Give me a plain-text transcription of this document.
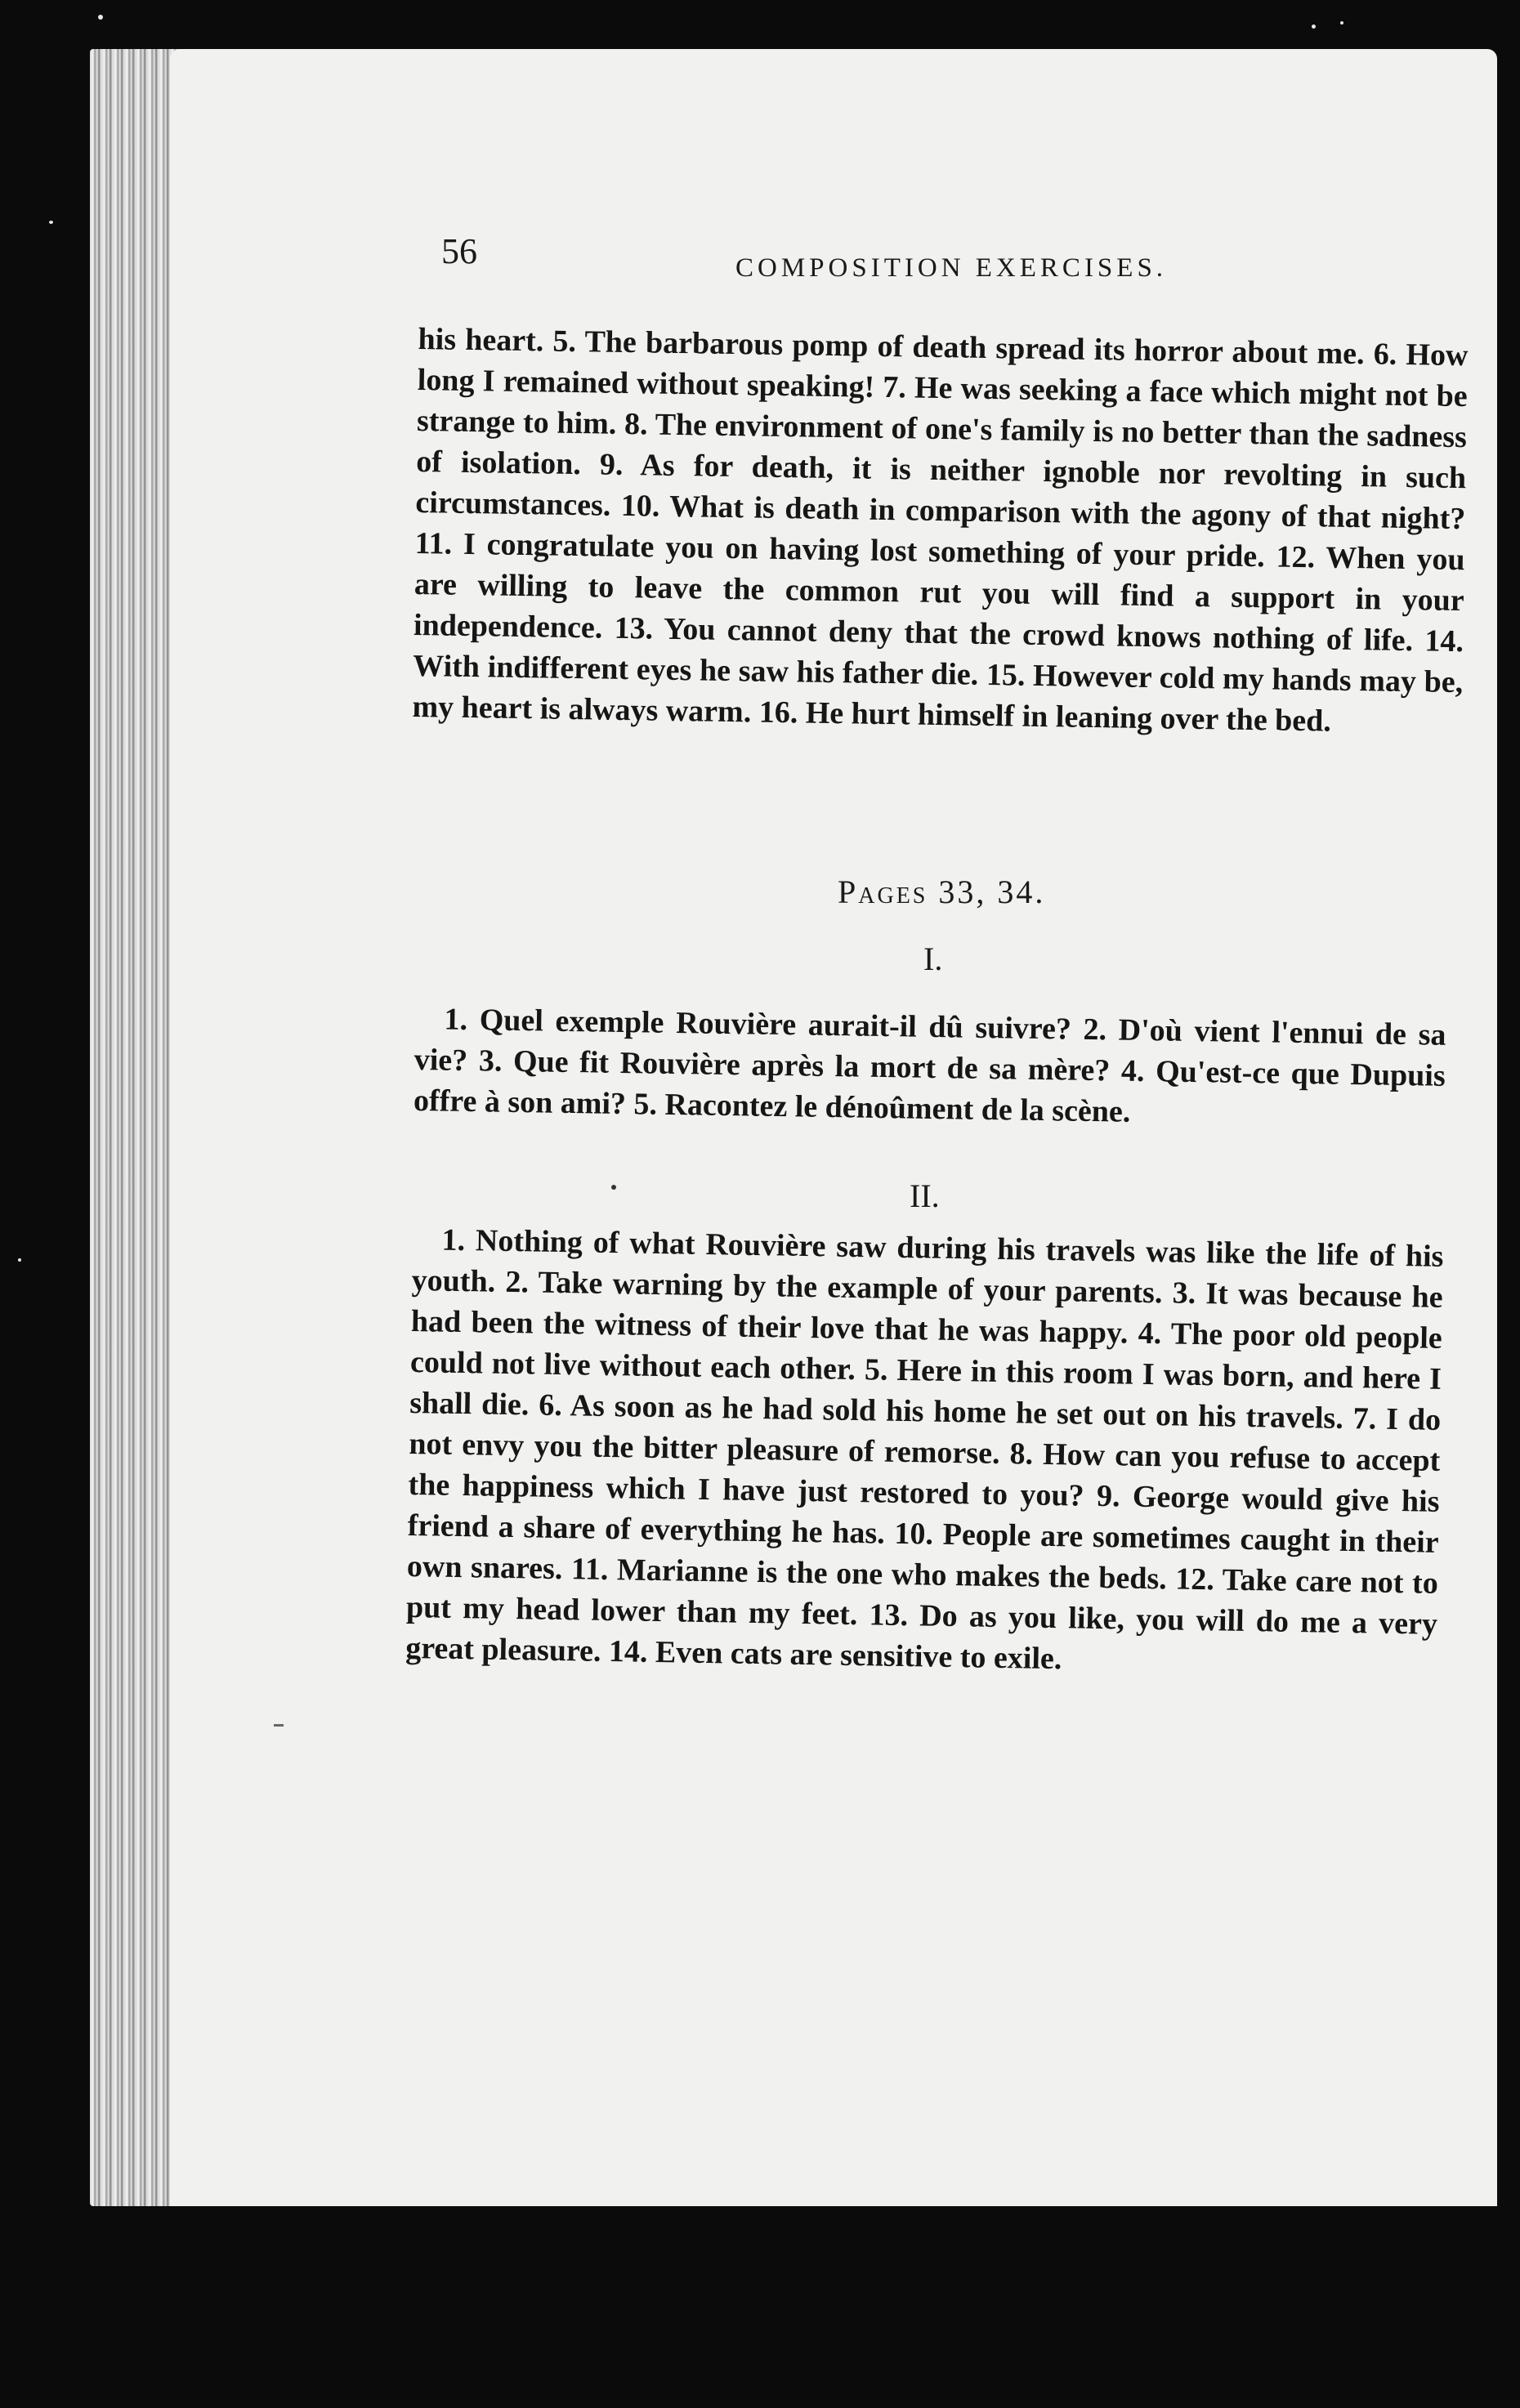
56	COMPOSITION EXERCISES.
his heart. 5. The barbarous pomp of death spread its horror about me. 6. How long I remained without speaking! 7. He was seeking a face which might not be strange to him. 8. The environment of one's family is no better than the sadness of isolation. 9. As for death, it is neither ignoble nor revolting in such circumstances. 10. What is death in comparison with the agony of that night? 11. I congratulate you on having lost something of your pride. 12. When you are willing to leave the common rut you will find a support in your independence. 13. You cannot deny that the crowd knows nothing of life. 14. With indifferent eyes he saw his father die. 15. However cold my hands may be, my heart is always warm. 16. He hurt himself in leaning over the bed.
Pages 33, 34.
I.
1. Quel exemple Rouvière aurait-il dû suivre? 2. D'où vient l'ennui de sa vie? 3. Que fit Rouvière après la mort de sa mère? 4. Qu'est-ce que Dupuis offre à son ami? 5. Racontez le dénoûment de la scène.
II.
1. Nothing of what Rouvière saw during his travels was like the life of his youth. 2. Take warning by the example of your parents. 3. It was because he had been the witness of their love that he was happy. 4. The poor old people could not live without each other. 5. Here in this room I was born, and here I shall die. 6. As soon as he had sold his home he set out on his travels. 7. I do not envy you the bitter pleasure of remorse. 8. How can you refuse to accept the happiness which I have just restored to you? 9. George would give his friend a share of everything he has. 10. People are sometimes caught in their own snares. 11. Marianne is the one who makes the beds. 12. Take care not to put my head lower than my feet. 13. Do as you like, you will do me a very great pleasure. 14. Even cats are sensitive to exile.
